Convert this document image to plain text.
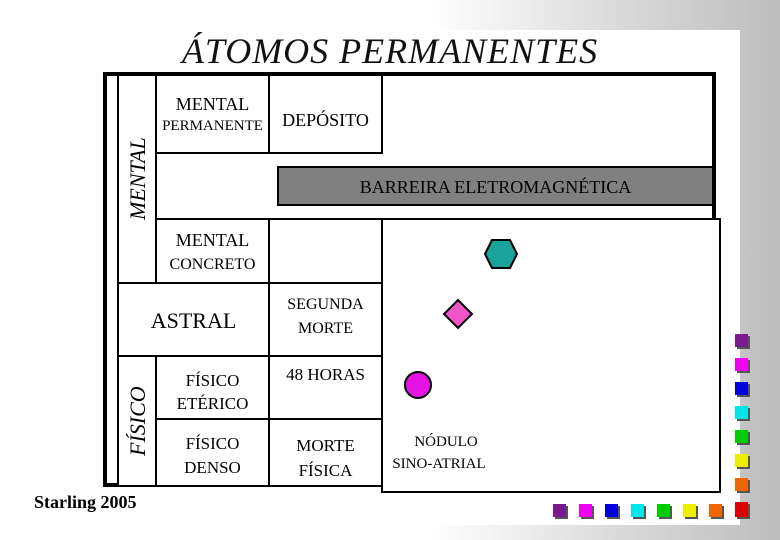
ÁTOMOS PERMANENTES
MENTAL
MENTAL
PERMANENTE	DEPÓSITO
BARREIRA ELETROMAGNÉTICA
MENTAL
CONCRETO
ASTRAL
SEGUNDA
MORTE
FÍSICO
FÍSICO
ETÉRICO
48 HORAS
FÍSICO
DENSO
MORTE
FÍSICA
NÓDULO
SINO-ATRIAL
Starling 2005
